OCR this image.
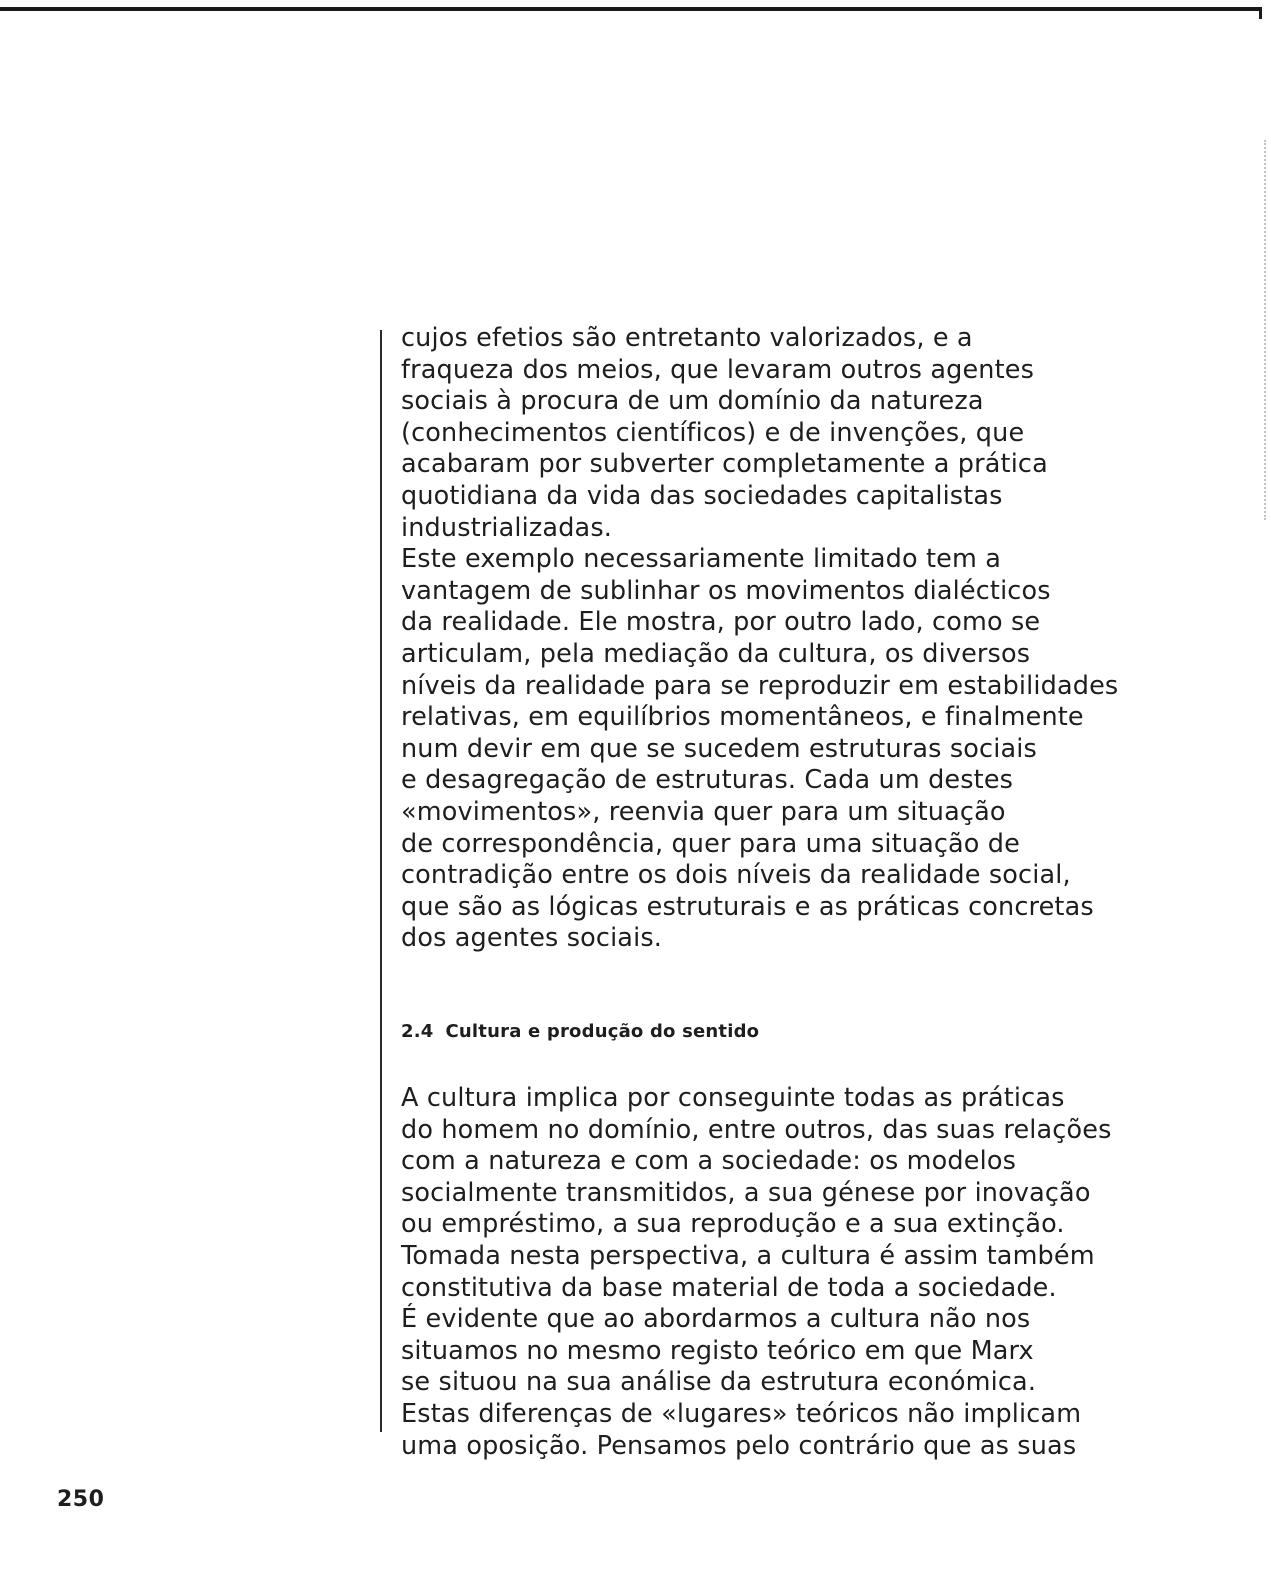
cujos efetios são entretanto valorizados, e a
fraqueza dos meios, que levaram outros agentes
sociais à procura de um domínio da natureza
(conhecimentos científicos) e de invenções, que
acabaram por subverter completamente a prática
quotidiana da vida das sociedades capitalistas
industrializadas.
Este exemplo necessariamente limitado tem a
vantagem de sublinhar os movimentos dialécticos
da realidade. Ele mostra, por outro lado, como se
articulam, pela mediação da cultura, os diversos
níveis da realidade para se reproduzir em estabilidades
relativas, em equilíbrios momentâneos, e finalmente
num devir em que se sucedem estruturas sociais
e desagregação de estruturas. Cada um destes
«movimentos», reenvia quer para um situação
de correspondência, quer para uma situação de
contradição entre os dois níveis da realidade social,
que são as lógicas estruturais e as práticas concretas
dos agentes sociais.
2.4 Cultura e produção do sentido
A cultura implica por conseguinte todas as práticas
do homem no domínio, entre outros, das suas relações
com a natureza e com a sociedade: os modelos
socialmente transmitidos, a sua génese por inovação
ou empréstimo, a sua reprodução e a sua extinção.
Tomada nesta perspectiva, a cultura é assim também
constitutiva da base material de toda a sociedade.
É evidente que ao abordarmos a cultura não nos
situamos no mesmo registo teórico em que Marx
se situou na sua análise da estrutura económica.
Estas diferenças de «lugares» teóricos não implicam
uma oposição. Pensamos pelo contrário que as suas
250
